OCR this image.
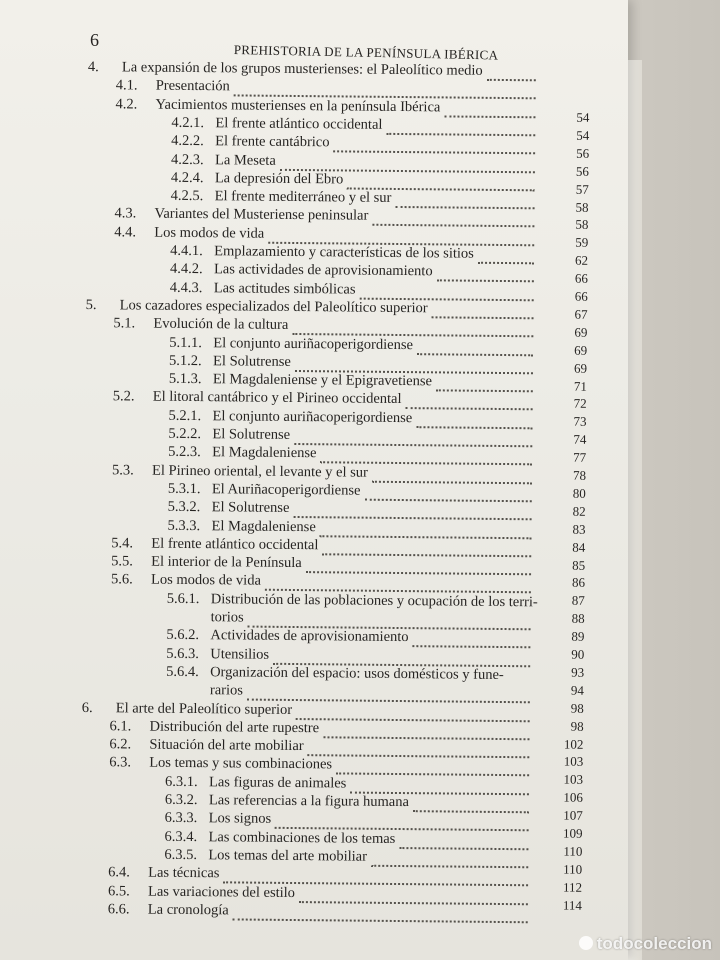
6
PREHISTORIA DE LA PENÍNSULA IBÉRICA
4. La expansión de los grupos musterienses: el Paleolítico medio
4.1. Presentación
4.2. Yacimientos musterienses en la península Ibérica
4.2.1. El frente atlántico occidental
4.2.2. El frente cantábrico
4.2.3. La Meseta
4.2.4. La depresión del Ebro
4.2.5. El frente mediterráneo y el sur
4.3. Variantes del Musteriense peninsular
4.4. Los modos de vida
4.4.1. Emplazamiento y características de los sitios
4.4.2. Las actividades de aprovisionamiento
4.4.3. Las actitudes simbólicas
5. Los cazadores especializados del Paleolítico superior
5.1. Evolución de la cultura
5.1.1. El conjunto auriñacoperigordiense
5.1.2. El Solutrense
5.1.3. El Magdaleniense y el Epigravetiense
5.2. El litoral cantábrico y el Pirineo occidental
5.2.1. El conjunto auriñacoperigordiense
5.2.2. El Solutrense
5.2.3. El Magdaleniense
5.3. El Pirineo oriental, el levante y el sur
5.3.1. El Auriñacoperigordiense
5.3.2. El Solutrense
5.3.3. El Magdaleniense
5.4. El frente atlántico occidental
5.5. El interior de la Península
5.6. Los modos de vida
5.6.1. Distribución de las poblaciones y ocupación de los terri-
torios
5.6.2. Actividades de aprovisionamiento
5.6.3. Utensilios
5.6.4. Organización del espacio: usos domésticos y fune-
rarios
6. El arte del Paleolítico superior
6.1. Distribución del arte rupestre
6.2. Situación del arte mobiliar
6.3. Los temas y sus combinaciones
6.3.1. Las figuras de animales
6.3.2. Las referencias a la figura humana
6.3.3. Los signos
6.3.4. Las combinaciones de los temas
6.3.5. Los temas del arte mobiliar
6.4. Las técnicas
6.5. Las variaciones del estilo
6.6. La cronología
54
54
56
56
57
58
58
59
62
66
66
67
69
69
69
71
72
73
74
77
78
80
82
83
84
85
86
87
88
89
90
93
94
98
98
102
103
103
106
107
109
110
110
112
114
todocoleccion
